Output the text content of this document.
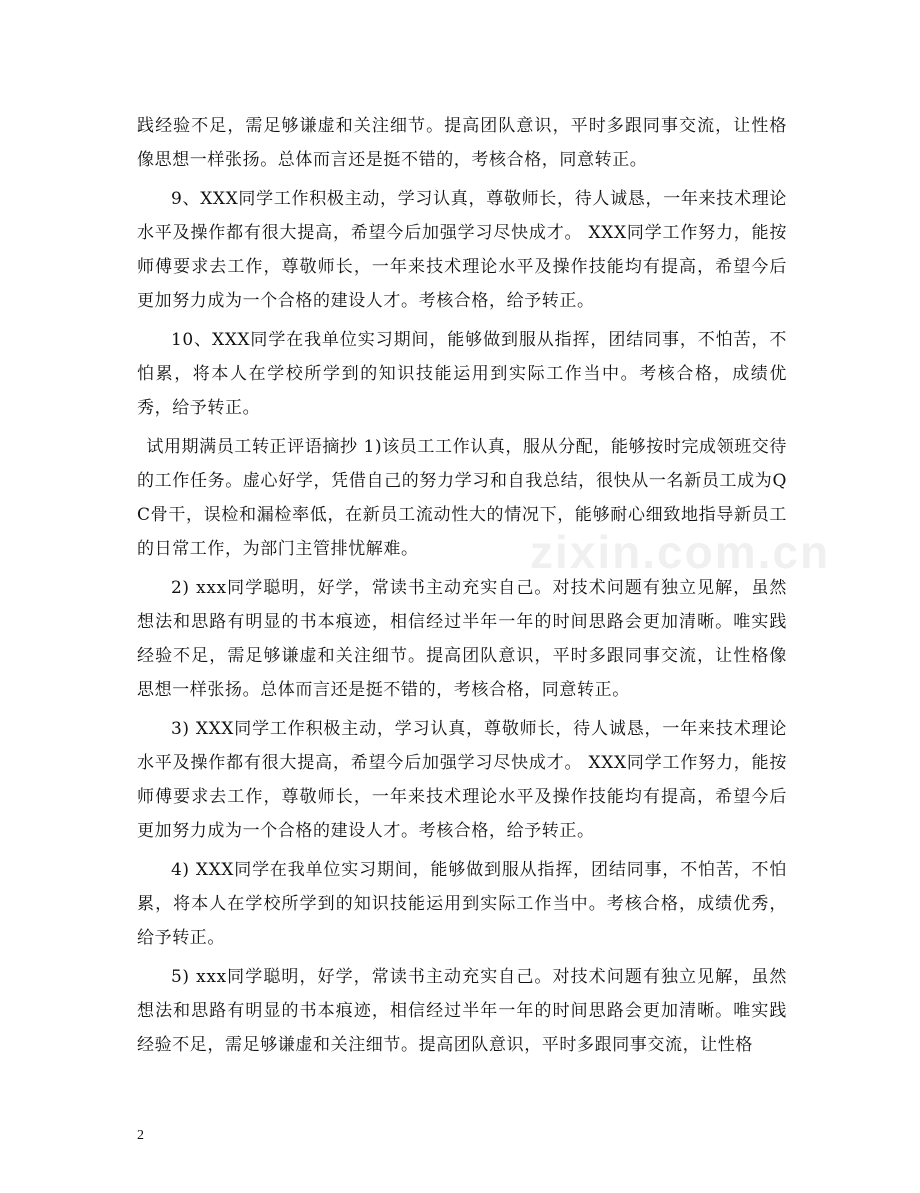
zixin.com.cn

践经验不足，需足够谦虚和关注细节。提高团队意识，平时多跟同事交流，让性格像思想一样张扬。总体而言还是挺不错的，考核合格，同意转正。

9、XXX同学工作积极主动，学习认真，尊敬师长，待人诚恳，一年来技术理论水平及操作都有很大提高，希望今后加强学习尽快成才。 XXX同学工作努力，能按师傅要求去工作，尊敬师长，一年来技术理论水平及操作技能均有提高，希望今后更加努力成为一个合格的建设人才。考核合格，给予转正。

10、XXX同学在我单位实习期间，能够做到服从指挥，团结同事，不怕苦，不怕累，将本人在学校所学到的知识技能运用到实际工作当中。考核合格，成绩优秀，给予转正。

试用期满员工转正评语摘抄 1)该员工工作认真，服从分配，能够按时完成领班交待的工作任务。虚心好学，凭借自己的努力学习和自我总结，很快从一名新员工成为QC骨干，误检和漏检率低，在新员工流动性大的情况下，能够耐心细致地指导新员工的日常工作，为部门主管排忧解难。

2) xxx同学聪明，好学，常读书主动充实自己。对技术问题有独立见解，虽然想法和思路有明显的书本痕迹，相信经过半年一年的时间思路会更加清晰。唯实践经验不足，需足够谦虚和关注细节。提高团队意识，平时多跟同事交流，让性格像思想一样张扬。总体而言还是挺不错的，考核合格，同意转正。

3) XXX同学工作积极主动，学习认真，尊敬师长，待人诚恳，一年来技术理论水平及操作都有很大提高，希望今后加强学习尽快成才。 XXX同学工作努力，能按师傅要求去工作，尊敬师长，一年来技术理论水平及操作技能均有提高，希望今后更加努力成为一个合格的建设人才。考核合格，给予转正。

4) XXX同学在我单位实习期间，能够做到服从指挥，团结同事，不怕苦，不怕累，将本人在学校所学到的知识技能运用到实际工作当中。考核合格，成绩优秀，给予转正。

5) xxx同学聪明，好学，常读书主动充实自己。对技术问题有独立见解，虽然想法和思路有明显的书本痕迹，相信经过半年一年的时间思路会更加清晰。唯实践经验不足，需足够谦虚和关注细节。提高团队意识，平时多跟同事交流，让性格

2
